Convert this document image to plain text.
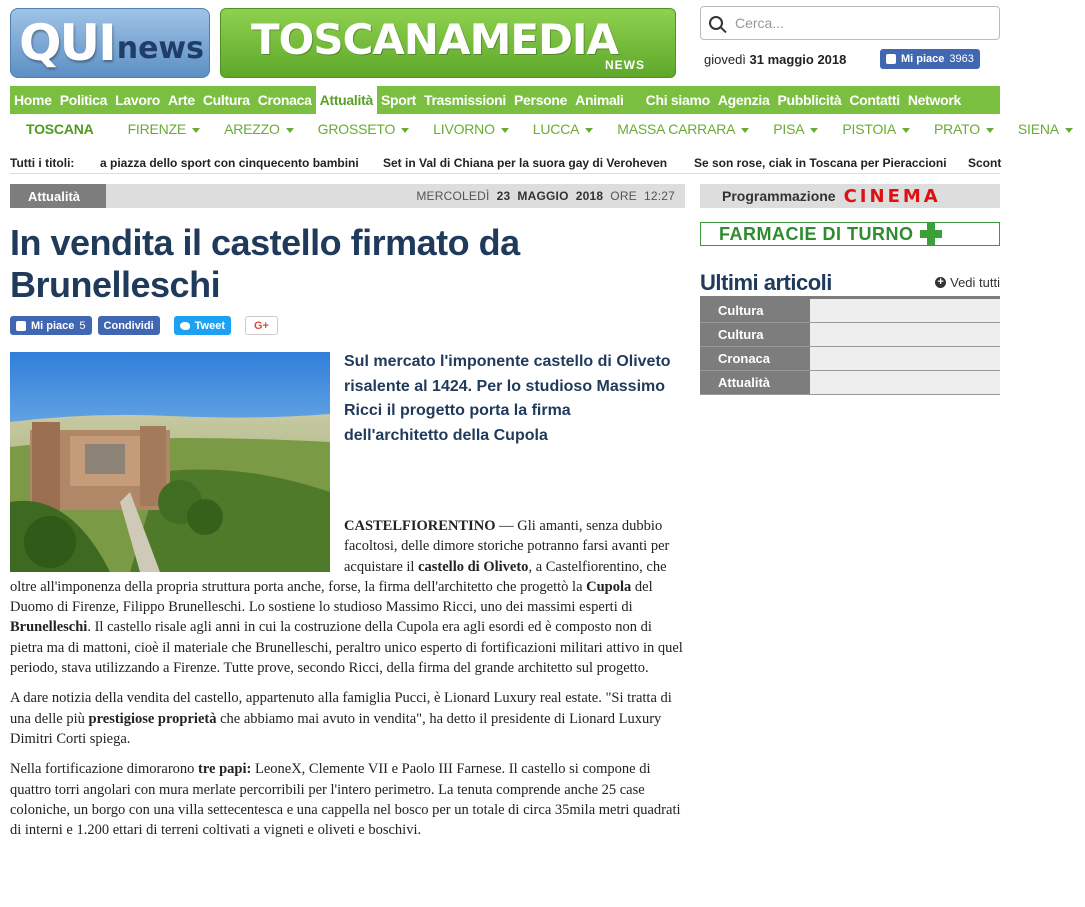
QUI news TOSCANAMEDIA
NEWS
Cerca...	giovedì 31 maggio 2018	Mi piace 3963
Home Politica Lavoro Arte Cultura Cronaca Attualità Sport Trasmissioni Persone Animali Chi siamo Agenzia Pubblicità Contatti Network
TOSCANA	FIRENZE	AREZZO	GROSSETO	LIVORNO	LUCCA	MASSA CARRARA	PISA	PISTOIA	PRATO	SIENA
Tutti i titoli: a piazza dello sport con cinquecento bambini Set in Val di Chiana per la suora gay di Veroheven Se son rose, ciak in Toscana per Pieraccioni Scont
Attualità	MERCOLEDÌ 23 MAGGIO 2018 ORE 12:27
In vendita il castello firmato da Brunelleschi
Mi piace 5	Condividi	Tweet	G+
Sul mercato l'imponente castello di Oliveto risalente al 1424. Per lo studioso Massimo Ricci il progetto porta la firma dell'architetto della Cupola

CASTELFIORENTINO — Gli amanti, senza dubbio facoltosi, delle dimore storiche potranno farsi avanti per acquistare il castello di Oliveto, a Castelfiorentino, che oltre all'imponenza della propria struttura porta anche, forse, la firma dell'architetto che progettò la Cupola del Duomo di Firenze, Filippo Brunelleschi. Lo sostiene lo studioso Massimo Ricci, uno dei massimi esperti di Brunelleschi. Il castello risale agli anni in cui la costruzione della Cupola era agli esordi ed è composto non di pietra ma di mattoni, cioè il materiale che Brunelleschi, peraltro unico esperto di fortificazioni militari attivo in quel periodo, stava utilizzando a Firenze. Tutte prove, secondo Ricci, della firma del grande architetto sul progetto.

A dare notizia della vendita del castello, appartenuto alla famiglia Pucci, è Lionard Luxury real estate. "Si tratta di una delle più prestigiose proprietà che abbiamo mai avuto in vendita", ha detto il presidente di Lionard Luxury Dimitri Corti spiega.

Nella fortificazione dimorarono tre papi: LeoneX, Clemente VII e Paolo III Farnese. Il castello si compone di quattro torri angolari con mura merlate percorribili per l'intero perimetro. La tenuta comprende anche 25 case coloniche, un borgo con una villa settecentesca e una cappella nel bosco per un totale di circa 35mila metri quadrati di interni e 1.200 ettari di terreni coltivati a vigneti e oliveti e boschivi.

Programmazione CINEMA
FARMACIE DI TURNO
Ultimi articoli	+ Vedi tutti
Cultura
Cultura
Cronaca
Attualità
